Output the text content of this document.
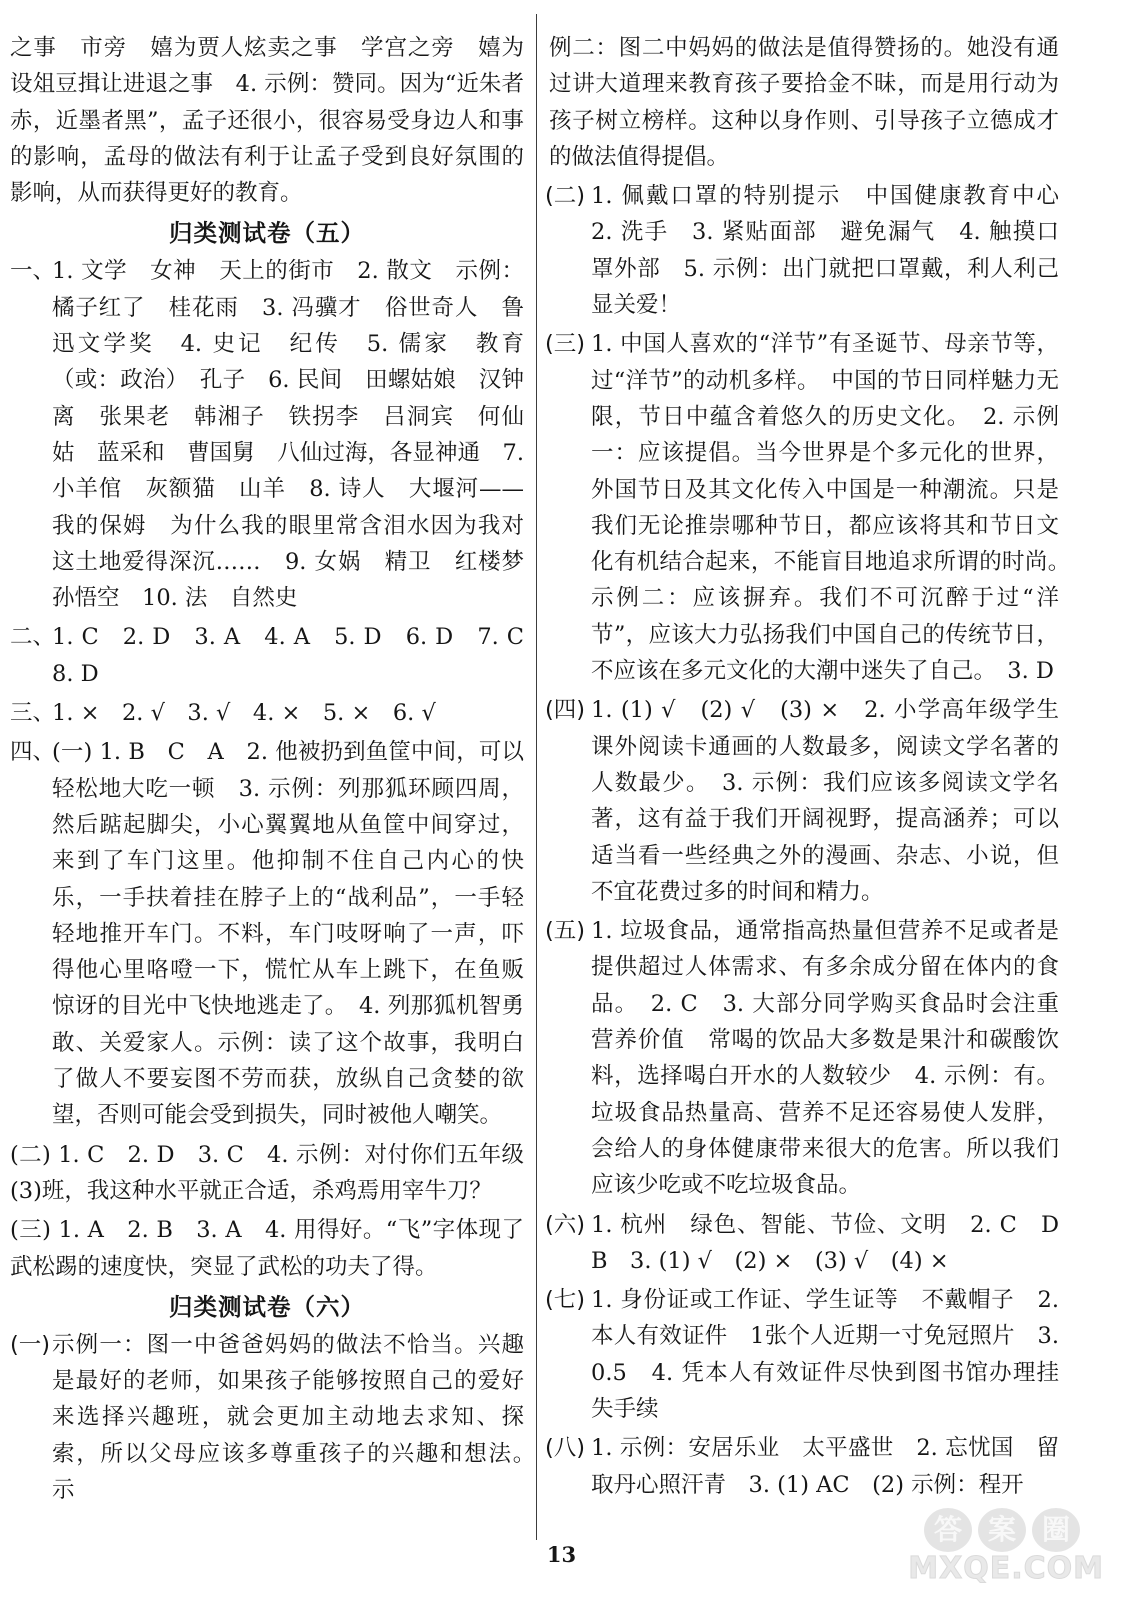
之事　市旁　嬉为贾人炫卖之事　学宫之旁　嬉为设俎豆揖让进退之事　4. 示例：赞同。因为“近朱者赤，近墨者黑”，孟子还很小，很容易受身边人和事的影响，孟母的做法有利于让孟子受到良好氛围的影响，从而获得更好的教育。
归类测试卷（五）
一、
1. 文学　女神　天上的街市　2. 散文　示例：橘子红了　桂花雨　3. 冯骥才　俗世奇人　鲁迅文学奖　4. 史记　纪传　5. 儒家　教育（或：政治）　孔子　6. 民间　田螺姑娘　汉钟离　张果老　韩湘子　铁拐李　吕洞宾　何仙姑　蓝采和　曹国舅　八仙过海，各显神通　7. 小羊倌　灰额猫　山羊　8. 诗人　大堰河——我的保姆　为什么我的眼里常含泪水因为我对这土地爱得深沉……　9. 女娲　精卫　红楼梦　孙悟空　10. 法　自然史
二、
1. C　2. D　3. A　4. A　5. D　6. D　7. C　8. D
三、
1. ×　2. √　3. √　4. ×　5. ×　6. √
四、
(一) 1. B　C　A　2. 他被扔到鱼筐中间，可以轻松地大吃一顿　3. 示例：列那狐环顾四周，然后踮起脚尖，小心翼翼地从鱼筐中间穿过，来到了车门这里。他抑制不住自己内心的快乐，一手扶着挂在脖子上的“战利品”，一手轻轻地推开车门。不料，车门吱呀响了一声，吓得他心里咯噔一下，慌忙从车上跳下，在鱼贩惊讶的目光中飞快地逃走了。　4. 列那狐机智勇敢、关爱家人。示例：读了这个故事，我明白了做人不要妄图不劳而获，放纵自己贪婪的欲望，否则可能会受到损失，同时被他人嘲笑。
(二) 1. C　2. D　3. C　4. 示例：对付你们五年级(3)班，我这种水平就正合适，杀鸡焉用宰牛刀？
(三) 1. A　2. B　3. A　4. 用得好。“飞”字体现了武松踢的速度快，突显了武松的功夫了得。
归类测试卷（六）
(一) 示例一：图一中爸爸妈妈的做法不恰当。兴趣是最好的老师，如果孩子能够按照自己的爱好来选择兴趣班，就会更加主动地去求知、探索，所以父母应该多尊重孩子的兴趣和想法。　示
例二：图二中妈妈的做法是值得赞扬的。她没有通过讲大道理来教育孩子要拾金不昧，而是用行动为孩子树立榜样。这种以身作则、引导孩子立德成才的做法值得提倡。
(二) 1. 佩戴口罩的特别提示　中国健康教育中心　2. 洗手　3. 紧贴面部　避免漏气　4. 触摸口罩外部　5. 示例：出门就把口罩戴，利人利己显关爱！
(三) 1. 中国人喜欢的“洋节”有圣诞节、母亲节等，过“洋节”的动机多样。　中国的节日同样魅力无限，节日中蕴含着悠久的历史文化。　2. 示例一：应该提倡。当今世界是个多元化的世界，外国节日及其文化传入中国是一种潮流。只是我们无论推崇哪种节日，都应该将其和节日文化有机结合起来，不能盲目地追求所谓的时尚。　示例二：应该摒弃。我们不可沉醉于过“洋节”，应该大力弘扬我们中国自己的传统节日，不应该在多元文化的大潮中迷失了自己。　3. D
(四) 1. (1) √　(2) √　(3) ×　2. 小学高年级学生课外阅读卡通画的人数最多，阅读文学名著的人数最少。　3. 示例：我们应该多阅读文学名著，这有益于我们开阔视野，提高涵养；可以适当看一些经典之外的漫画、杂志、小说，但不宜花费过多的时间和精力。
(五) 1. 垃圾食品，通常指高热量但营养不足或者是提供超过人体需求、有多余成分留在体内的食品。　2. C　3. 大部分同学购买食品时会注重营养价值　常喝的饮品大多数是果汁和碳酸饮料，选择喝白开水的人数较少　4. 示例：有。垃圾食品热量高、营养不足还容易使人发胖，会给人的身体健康带来很大的危害。所以我们应该少吃或不吃垃圾食品。
(六) 1. 杭州　绿色、智能、节俭、文明　2. C　D　B　3. (1) √　(2) ×　(3) √　(4) ×
(七) 1. 身份证或工作证、学生证等　不戴帽子　2. 本人有效证件　1张个人近期一寸免冠照片　3. 0.5　4. 凭本人有效证件尽快到图书馆办理挂失手续
(八) 1. 示例：安居乐业　太平盛世　2. 忘忧国　留取丹心照汗青　3. (1) AC　(2) 示例：程开
13
答 案 圈
MXQE.COM
